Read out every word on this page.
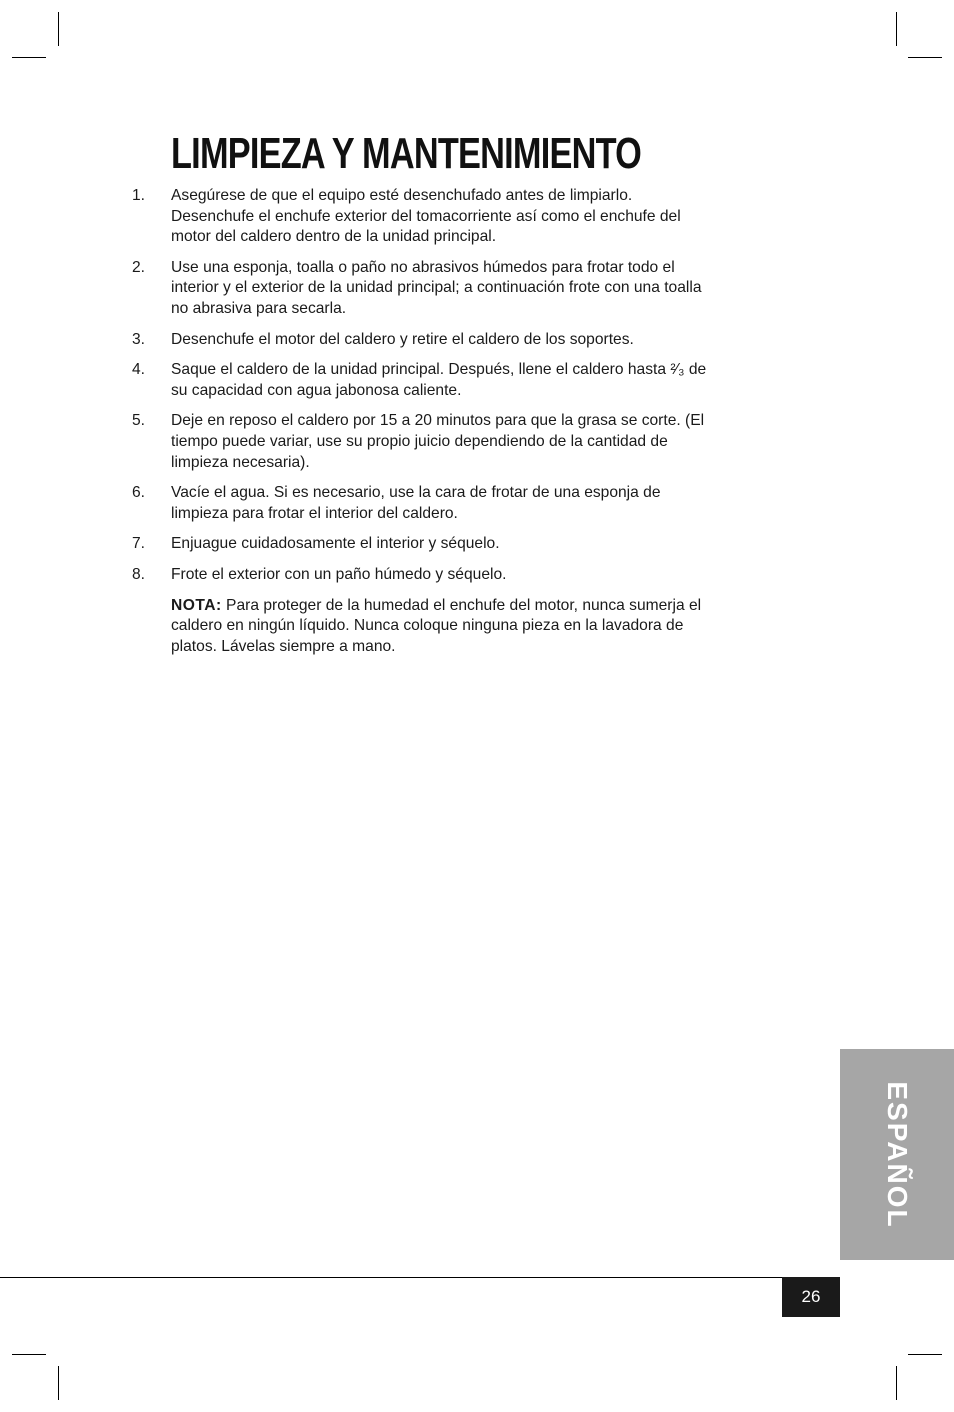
LIMPIEZA Y MANTENIMIENTO
1. Asegúrese de que el equipo esté desenchufado antes de limpiarlo. Desenchufe el enchufe exterior del tomacorriente así como el enchufe del motor del caldero dentro de la unidad principal.
2. Use una esponja, toalla o paño no abrasivos húmedos para frotar todo el interior y el exterior de la unidad principal; a continuación frote con una toalla no abrasiva para secarla.
3. Desenchufe el motor del caldero y retire el caldero de los soportes.
4. Saque el caldero de la unidad principal. Después, llene el caldero hasta ²⁄₃ de su capacidad con agua jabonosa caliente.
5. Deje en reposo el caldero por 15 a 20 minutos para que la grasa se corte. (El tiempo puede variar, use su propio juicio dependiendo de la cantidad de limpieza necesaria).
6. Vacíe el agua. Si es necesario, use la cara de frotar de una esponja de limpieza para frotar el interior del caldero.
7. Enjuague cuidadosamente el interior y séquelo.
8. Frote el exterior con un paño húmedo y séquelo.
NOTA: Para proteger de la humedad el enchufe del motor, nunca sumerja el caldero en ningún líquido. Nunca coloque ninguna pieza en la lavadora de platos. Lávelas siempre a mano.
ESPAÑOL
26
